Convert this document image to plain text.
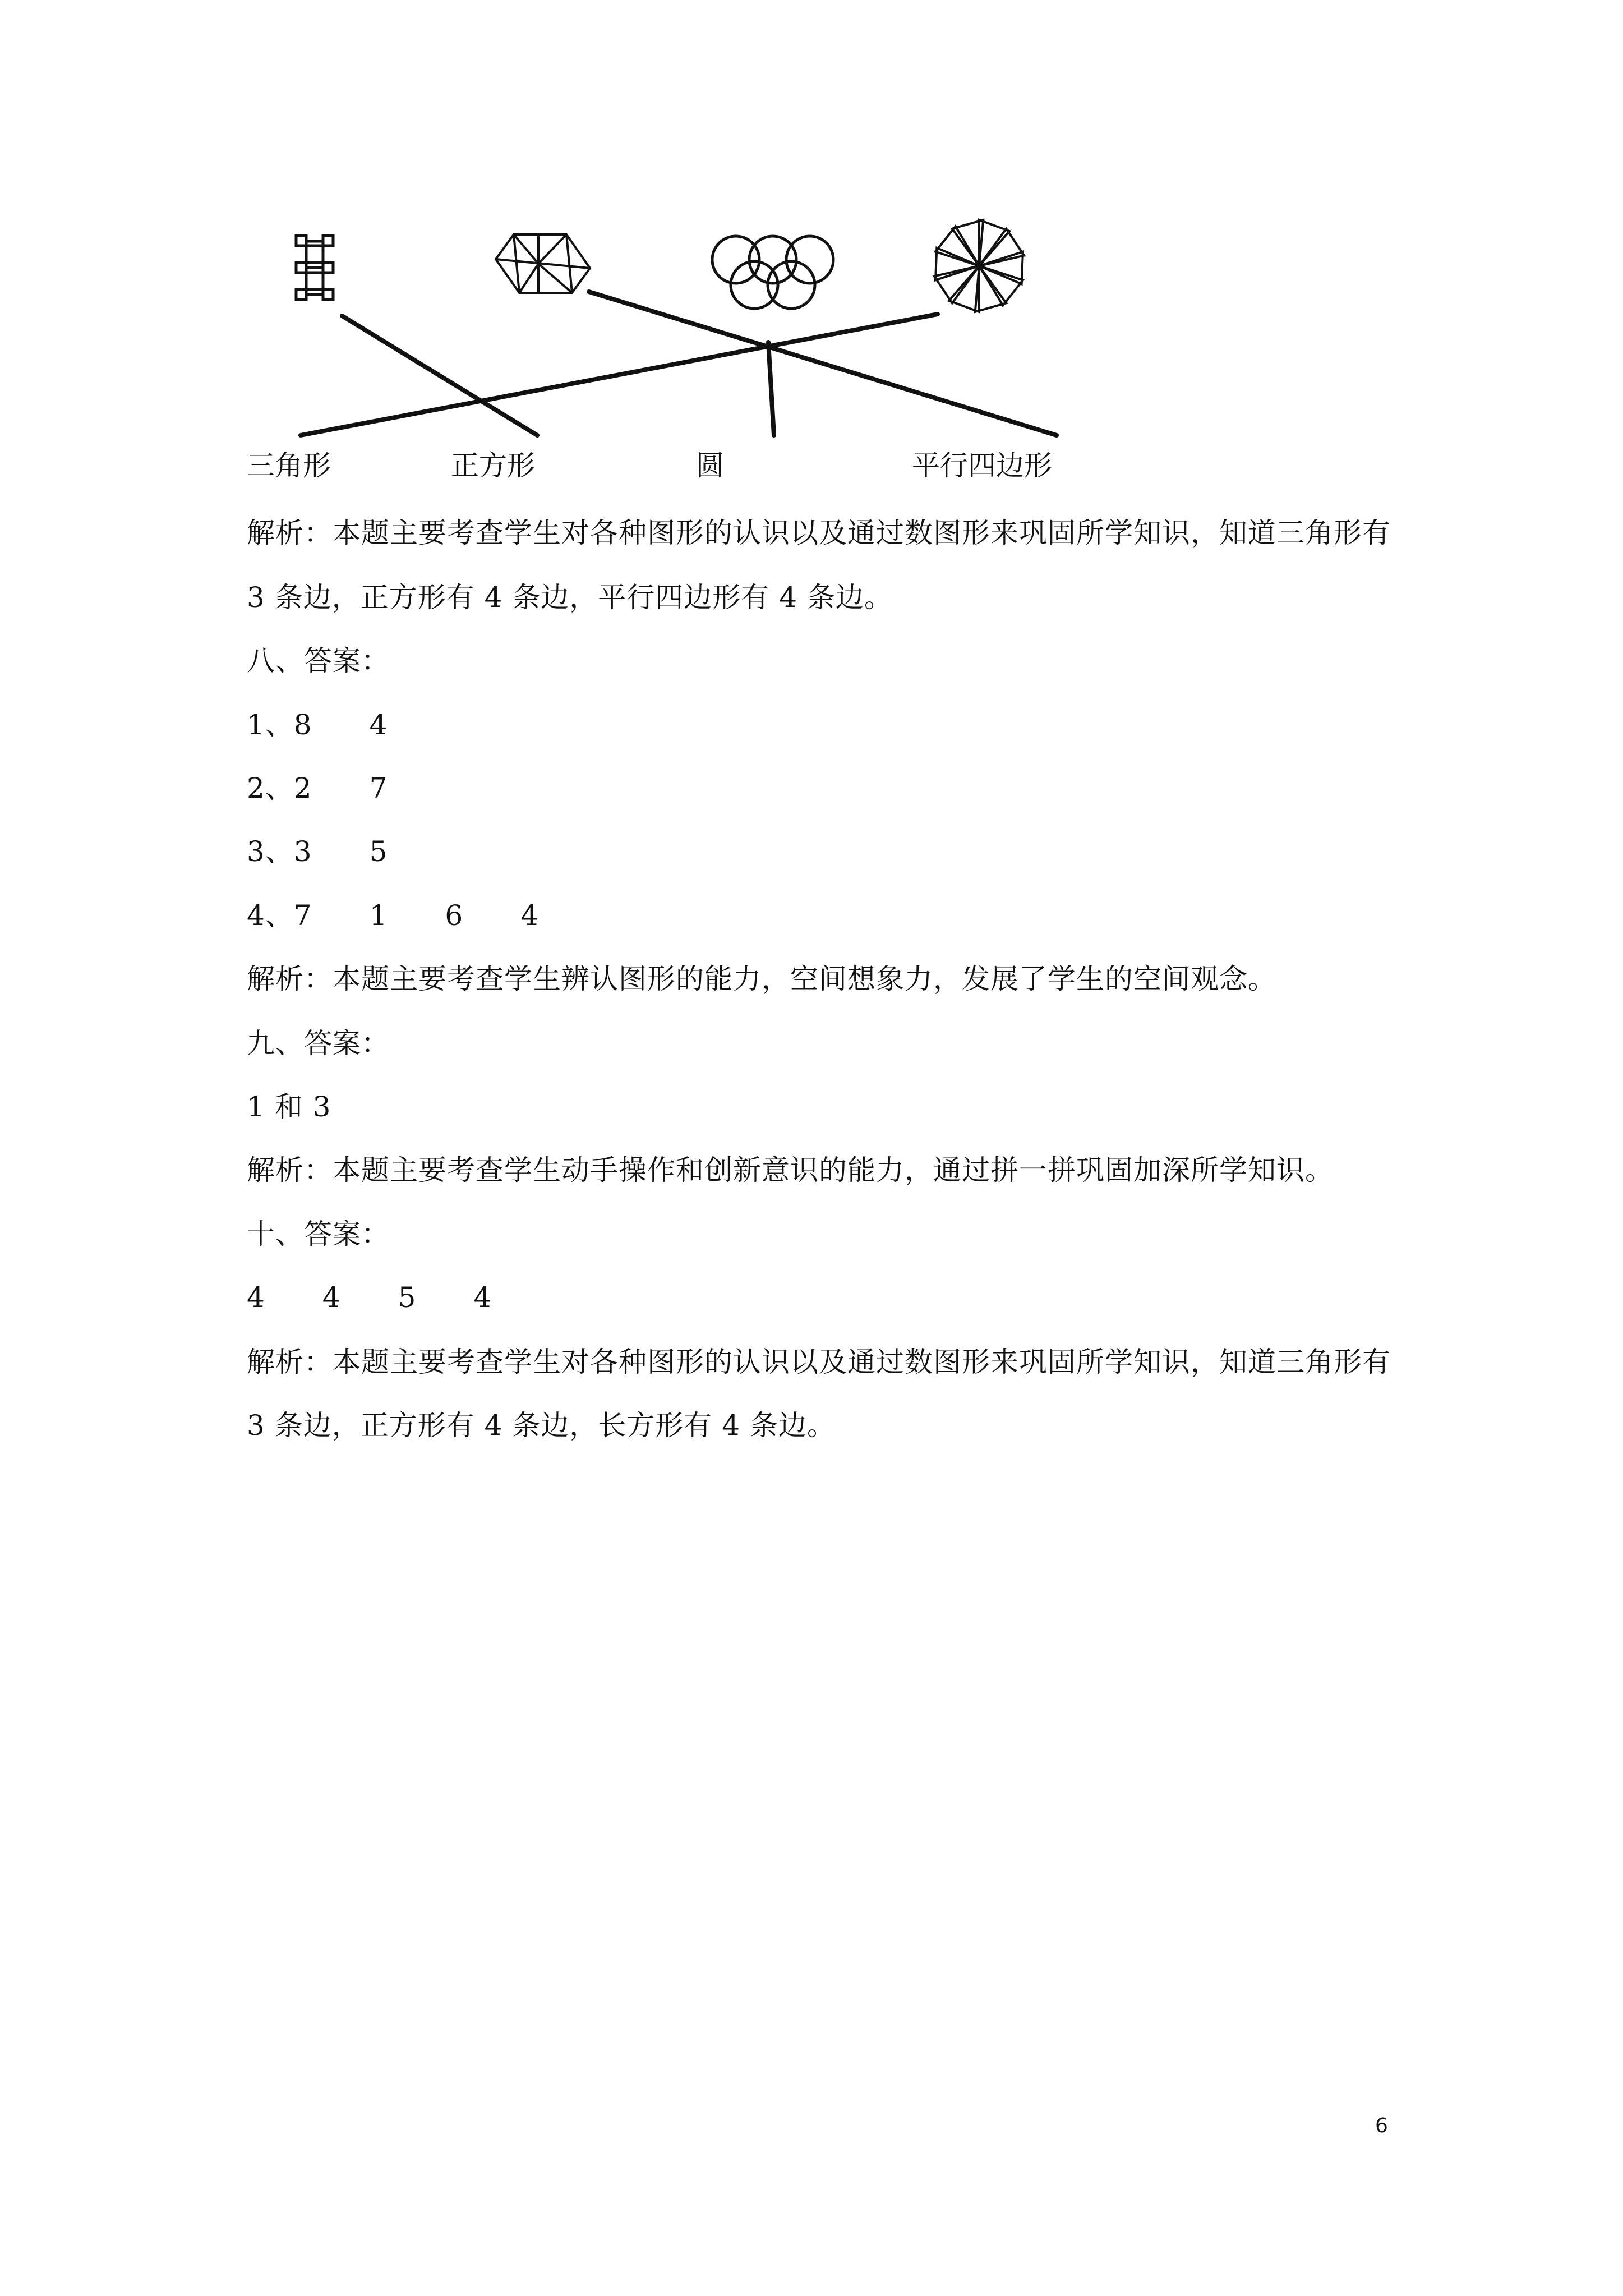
三角形	正方形	圆	平行四边形
解析：本题主要考查学生对各种图形的认识以及通过数图形来巩固所学知识，知道三角形有
3 条边，正方形有 4 条边，平行四边形有 4 条边。
八、答案：
1、8　　4
2、2　　7
3、3　　5
4、7　　1　　6　　4
解析：本题主要考查学生辨认图形的能力，空间想象力，发展了学生的空间观念。
九、答案：
1 和 3
解析：本题主要考查学生动手操作和创新意识的能力，通过拼一拼巩固加深所学知识。
十、答案：
4　　4　　5　　4
解析：本题主要考查学生对各种图形的认识以及通过数图形来巩固所学知识，知道三角形有
3 条边，正方形有 4 条边，长方形有 4 条边。
6
